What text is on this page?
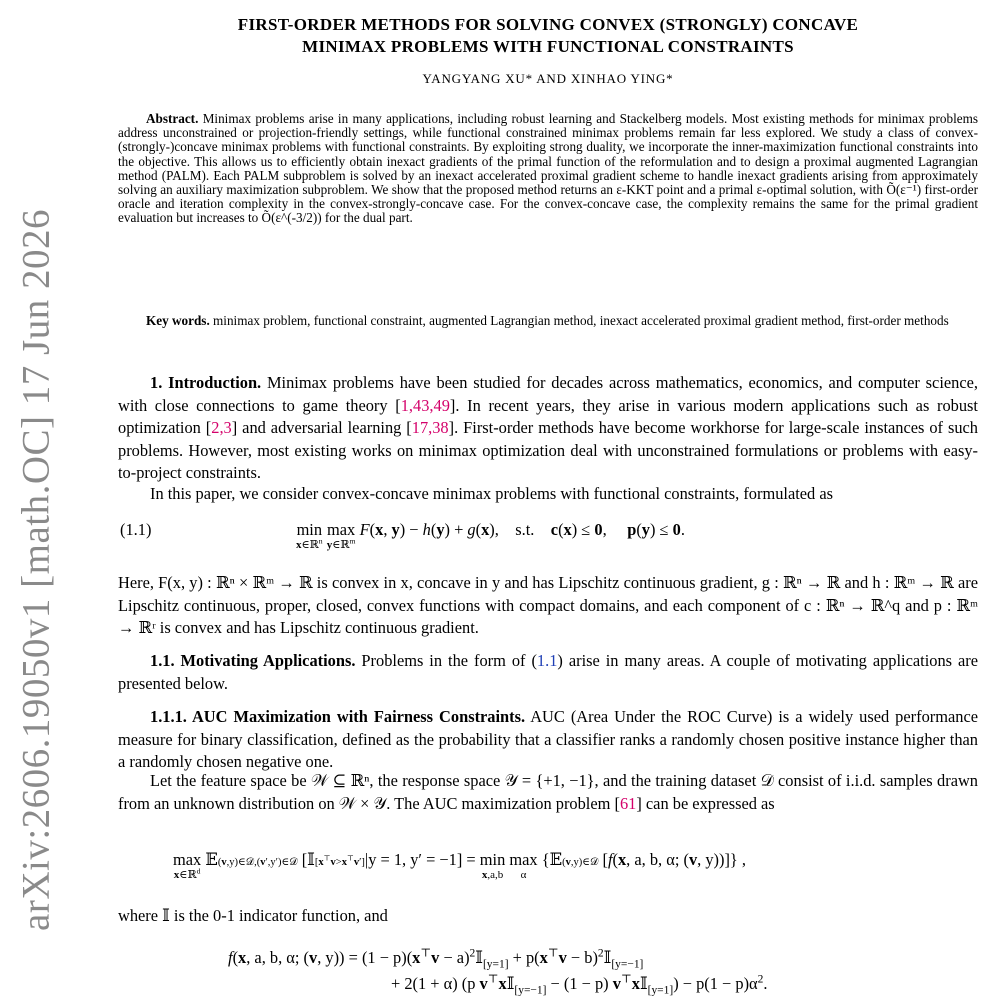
arXiv:2606.19050v1 [math.OC] 17 Jun 2026
FIRST-ORDER METHODS FOR SOLVING CONVEX (STRONGLY) CONCAVE
MINIMAX PROBLEMS WITH FUNCTIONAL CONSTRAINTS
YANGYANG XU* AND XINHAO YING*
Abstract. Minimax problems arise in many applications, including robust learning and Stackelberg models. Most existing methods for minimax problems address unconstrained or projection-friendly settings, while functional constrained minimax problems remain far less explored. We study a class of convex-(strongly-)concave minimax problems with functional constraints. By exploiting strong duality, we incorporate the inner-maximization functional constraints into the objective. This allows us to efficiently obtain inexact gradients of the primal function of the reformulation and to design a proximal augmented Lagrangian method (PALM). Each PALM subproblem is solved by an inexact accelerated proximal gradient scheme to handle inexact gradients arising from approximately solving an auxiliary maximization subproblem. We show that the proposed method returns an ε-KKT point and a primal ε-optimal solution, with Õ(ε⁻¹) first-order oracle and iteration complexity in the convex-strongly-concave case. For the convex-concave case, the complexity remains the same for the primal gradient evaluation but increases to Õ(ε^(-3/2)) for the dual part.
Key words. minimax problem, functional constraint, augmented Lagrangian method, inexact accelerated proximal gradient method, first-order methods
1. Introduction. Minimax problems have been studied for decades across mathematics, economics, and computer science, with close connections to game theory [1,43,49]. In recent years, they arise in various modern applications such as robust optimization [2,3] and adversarial learning [17,38]. First-order methods have become workhorse for large-scale instances of such problems. However, most existing works on minimax optimization deal with unconstrained formulations or problems with easy-to-project constraints.
In this paper, we consider convex-concave minimax problems with functional constraints, formulated as
(1.1)	min
x∈ℝ$^n$
max
y∈ℝ$^m$
F(x, y) − h(y) + g(x),    s.t. c(x) ≤ 0,     p(y) ≤ 0.
Here, F(x, y) : ℝⁿ × ℝᵐ → ℝ is convex in x, concave in y and has Lipschitz continuous gradient, g : ℝⁿ → ℝ and h : ℝᵐ → ℝ are Lipschitz continuous, proper, closed, convex functions with compact domains, and each component of c : ℝⁿ → ℝ^q and p : ℝᵐ → ℝʳ is convex and has Lipschitz continuous gradient.
1.1. Motivating Applications. Problems in the form of (1.1) arise in many areas. A couple of motivating applications are presented below.
1.1.1. AUC Maximization with Fairness Constraints. AUC (Area Under the ROC Curve) is a widely used performance measure for binary classification, defined as the probability that a classifier ranks a randomly chosen positive instance higher than a randomly chosen negative one.
Let the feature space be 𝒲 ⊆ ℝⁿ, the response space 𝒴 = {+1, −1}, and the training dataset 𝒟 consist of i.i.d. samples drawn from an unknown distribution on 𝒲 × 𝒴. The AUC maximization problem [61] can be expressed as
max
x∈ℝ$^d$
𝔼(v,y)∈𝒟,(v′,y′)∈𝒟 [𝕀[x⊤v>x⊤v′]|y = 1, y′ = −1] = min
x,a,b
max
α
{𝔼(v,y)∈𝒟 [f(x, a, b, α; (v, y))]} ,
where 𝕀 is the 0-1 indicator function, and
f(x, a, b, α; (v, $y)) = (1 - p)(x^⊤v - a)^2𝕀_{[y=1]} + p(x^⊤v$ − $b)^2𝕀_{[y=-1]}$
+ 2(1 + α) (p v⊤x𝕀$_{[y=-1]}$ − (1 − p) v⊤x𝕀$_{[y=1]}$) − $p(1 - p)\alpha^2$.
